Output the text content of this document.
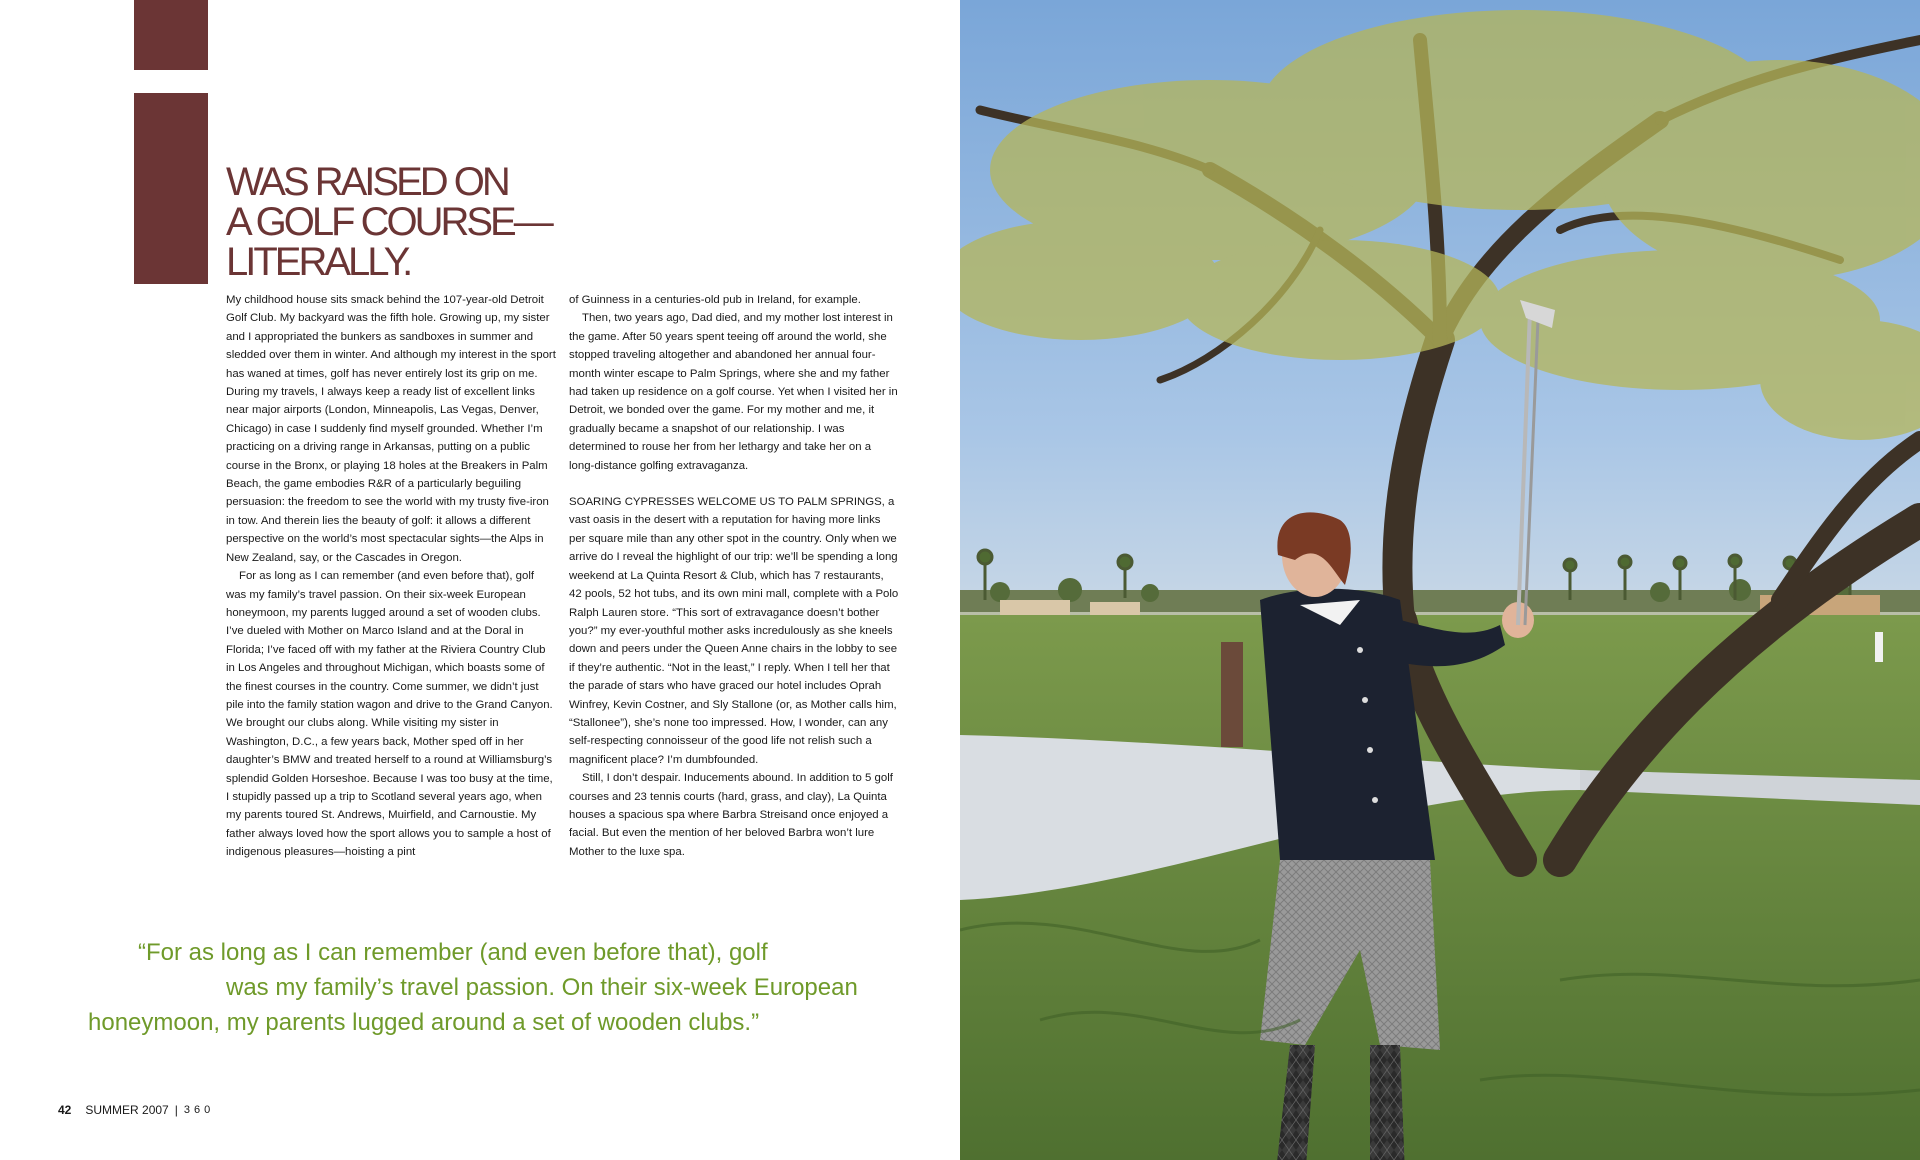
WAS RAISED ON
A GOLF COURSE—
LITERALLY.

My childhood house sits smack behind the 107-year-old Detroit Golf Club. My backyard was the fifth hole. Growing up, my sister and I appropriated the bunkers as sandboxes in summer and sledded over them in winter. And although my interest in the sport has waned at times, golf has never entirely lost its grip on me. During my travels, I always keep a ready list of excellent links near major airports (London, Minneapolis, Las Vegas, Denver, Chicago) in case I suddenly find myself grounded. Whether I’m practicing on a driving range in Arkansas, putting on a public course in the Bronx, or playing 18 holes at the Breakers in Palm Beach, the game embodies R&R of a particularly beguiling persuasion: the freedom to see the world with my trusty five-iron in tow. And therein lies the beauty of golf: it allows a different perspective on the world’s most spectacular sights—the Alps in New Zealand, say, or the Cascades in Oregon.

For as long as I can remember (and even before that), golf was my family’s travel passion. On their six-week European honeymoon, my parents lugged around a set of wooden clubs. I’ve dueled with Mother on Marco Island and at the Doral in Florida; I’ve faced off with my father at the Riviera Country Club in Los Angeles and throughout Michigan, which boasts some of the finest courses in the country. Come summer, we didn’t just pile into the family station wagon and drive to the Grand Canyon. We brought our clubs along. While visiting my sister in Washington, D.C., a few years back, Mother sped off in her daughter’s BMW and treated herself to a round at Williamsburg’s splendid Golden Horseshoe. Because I was too busy at the time, I stupidly passed up a trip to Scotland several years ago, when my parents toured St. Andrews, Muirfield, and Carnoustie. My father always loved how the sport allows you to sample a host of indigenous pleasures—hoisting a pint

of Guinness in a centuries-old pub in Ireland, for example.

Then, two years ago, Dad died, and my mother lost interest in the game. After 50 years spent teeing off around the world, she stopped traveling altogether and abandoned her annual four-month winter escape to Palm Springs, where she and my father had taken up residence on a golf course. Yet when I visited her in Detroit, we bonded over the game. For my mother and me, it gradually became a snapshot of our relationship. I was determined to rouse her from her lethargy and take her on a long-distance golfing extravaganza.

SOARING CYPRESSES WELCOME US TO PALM SPRINGS, a vast oasis in the desert with a reputation for having more links per square mile than any other spot in the country. Only when we arrive do I reveal the highlight of our trip: we’ll be spending a long weekend at La Quinta Resort & Club, which has 7 restaurants, 42 pools, 52 hot tubs, and its own mini mall, complete with a Polo Ralph Lauren store. “This sort of extravagance doesn’t bother you?” my ever-youthful mother asks incredulously as she kneels down and peers under the Queen Anne chairs in the lobby to see if they’re authentic. “Not in the least,” I reply. When I tell her that the parade of stars who have graced our hotel includes Oprah Winfrey, Kevin Costner, and Sly Stallone (or, as Mother calls him, “Stallonee”), she’s none too impressed. How, I wonder, can any self-respecting connoisseur of the good life not relish such a magnificent place? I’m dumbfounded.

Still, I don’t despair. Inducements abound. In addition to 5 golf courses and 23 tennis courts (hard, grass, and clay), La Quinta houses a spacious spa where Barbra Streisand once enjoyed a facial. But even the mention of her beloved Barbra won’t lure Mother to the luxe spa.

“For as long as I can remember (and even before that), golf
was my family’s travel passion. On their six-week European
honeymoon, my parents lugged around a set of wooden clubs.”
42 SUMMER 2007 | 360
